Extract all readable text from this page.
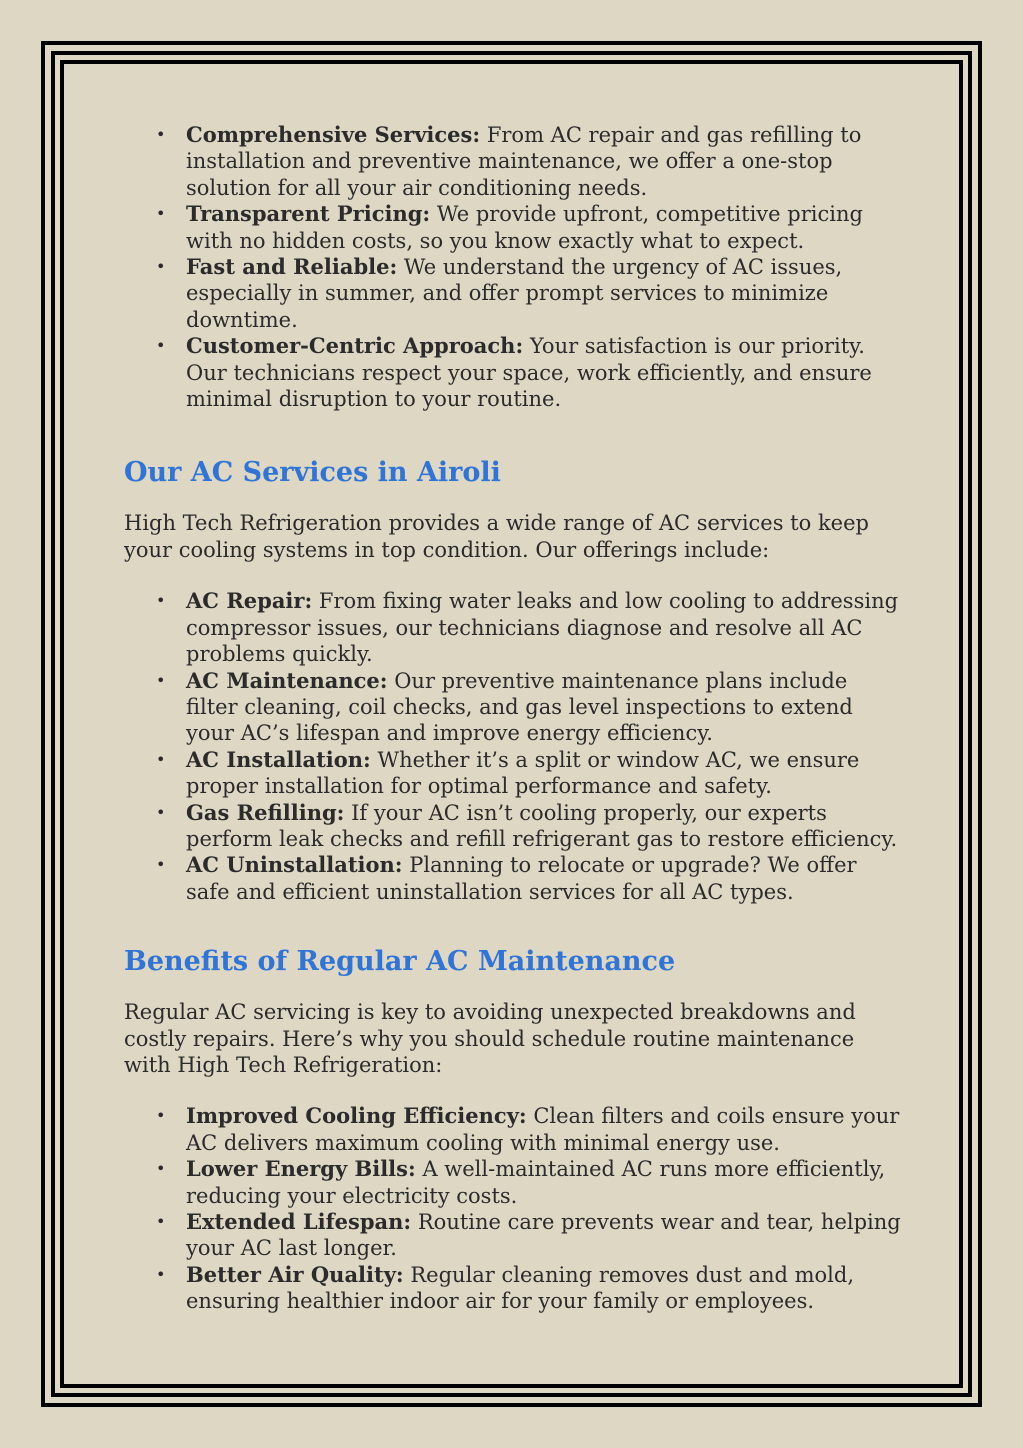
• Comprehensive Services: From AC repair and gas refilling to installation and preventive maintenance, we offer a one-stop solution for all your air conditioning needs.
• Transparent Pricing: We provide upfront, competitive pricing with no hidden costs, so you know exactly what to expect.
• Fast and Reliable: We understand the urgency of AC issues, especially in summer, and offer prompt services to minimize downtime.
• Customer-Centric Approach: Your satisfaction is our priority. Our technicians respect your space, work efficiently, and ensure minimal disruption to your routine.
Our AC Services in Airoli

High Tech Refrigeration provides a wide range of AC services to keep your cooling systems in top condition. Our offerings include:

• AC Repair: From fixing water leaks and low cooling to addressing compressor issues, our technicians diagnose and resolve all AC problems quickly.
• AC Maintenance: Our preventive maintenance plans include filter cleaning, coil checks, and gas level inspections to extend your AC’s lifespan and improve energy efficiency.
• AC Installation: Whether it’s a split or window AC, we ensure proper installation for optimal performance and safety.
• Gas Refilling: If your AC isn’t cooling properly, our experts perform leak checks and refill refrigerant gas to restore efficiency.
• AC Uninstallation: Planning to relocate or upgrade? We offer safe and efficient uninstallation services for all AC types.
Benefits of Regular AC Maintenance

Regular AC servicing is key to avoiding unexpected breakdowns and costly repairs. Here’s why you should schedule routine maintenance with High Tech Refrigeration:

• Improved Cooling Efficiency: Clean filters and coils ensure your AC delivers maximum cooling with minimal energy use.
• Lower Energy Bills: A well-maintained AC runs more efficiently, reducing your electricity costs.
• Extended Lifespan: Routine care prevents wear and tear, helping your AC last longer.
• Better Air Quality: Regular cleaning removes dust and mold, ensuring healthier indoor air for your family or employees.
